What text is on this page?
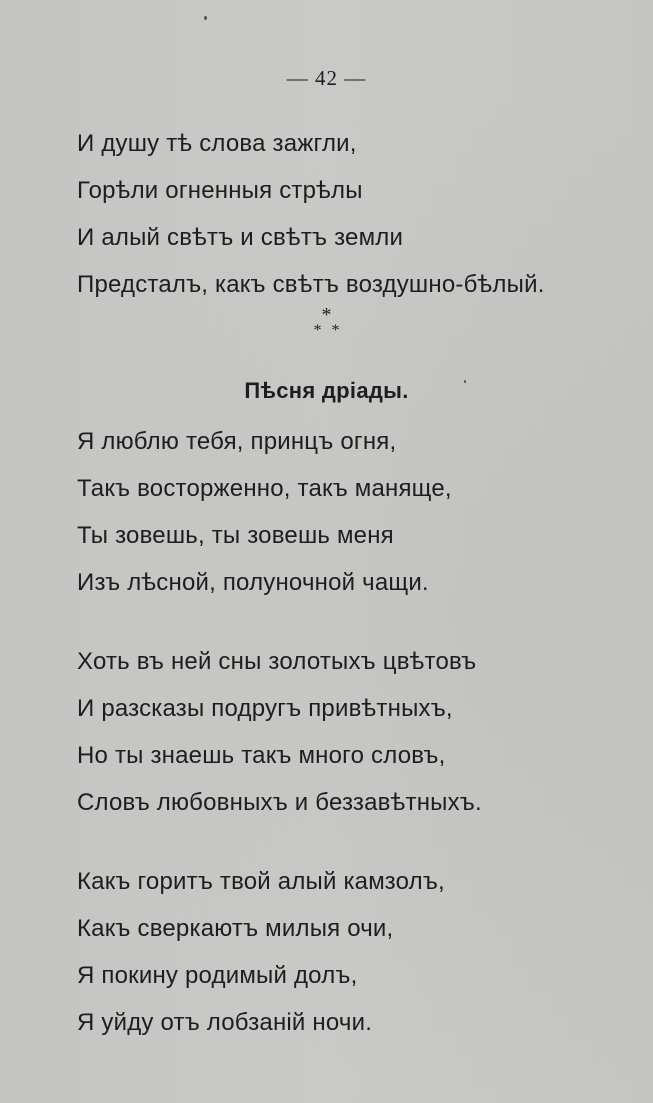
— 42 —
И душу тѣ слова зажгли,
Горѣли огненныя стрѣлы
И алый свѣтъ и свѣтъ земли
Предсталъ, какъ свѣтъ воздушно-бѣлый.
***
Пѣсня дріады.
Я люблю тебя, принцъ огня,
Такъ восторженно, такъ маняще,
Ты зовешь, ты зовешь меня
Изъ лѣсной, полуночной чащи.
Хоть въ ней сны золотыхъ цвѣтовъ
И разсказы подругъ привѣтныхъ,
Но ты знаешь такъ много словъ,
Словъ любовныхъ и беззавѣтныхъ.
Какъ горитъ твой алый камзолъ,
Какъ сверкаютъ милыя очи,
Я покину родимый долъ,
Я уйду отъ лобзаній ночи.
